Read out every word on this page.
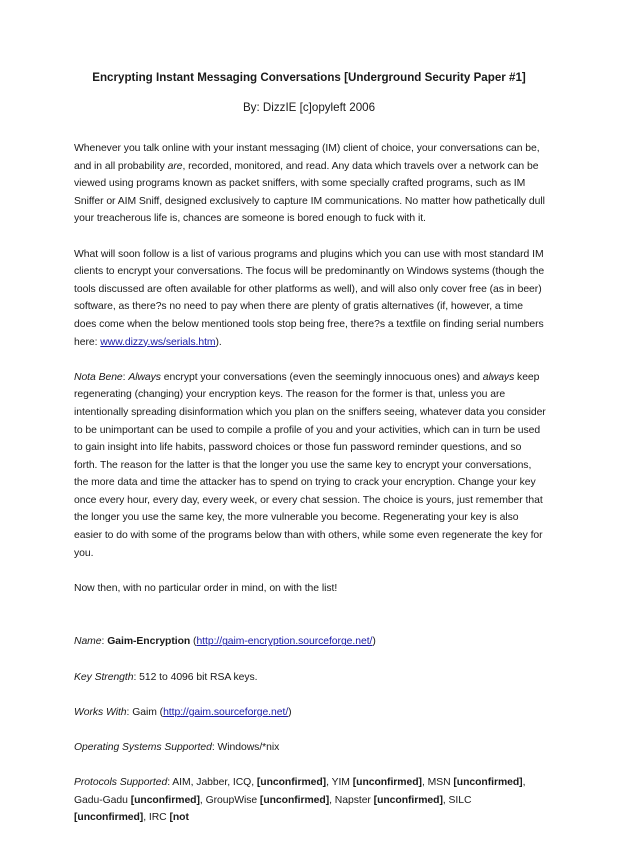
Encrypting Instant Messaging Conversations [Underground Security Paper #1]
By: DizzIE [c]opyleft 2006

Whenever you talk online with your instant messaging (IM) client of choice, your conversations can be, and in all probability are, recorded, monitored, and read. Any data which travels over a network can be viewed using programs known as packet sniffers, with some specially crafted programs, such as IM Sniffer or AIM Sniff, designed exclusively to capture IM communications. No matter how pathetically dull your treacherous life is, chances are someone is bored enough to fuck with it.

What will soon follow is a list of various programs and plugins which you can use with most standard IM clients to encrypt your conversations. The focus will be predominantly on Windows systems (though the tools discussed are often available for other platforms as well), and will also only cover free (as in beer) software, as there?s no need to pay when there are plenty of gratis alternatives (if, however, a time does come when the below mentioned tools stop being free, there?s a textfile on finding serial numbers here: www.dizzy.ws/serials.htm).

Nota Bene: Always encrypt your conversations (even the seemingly innocuous ones) and always keep regenerating (changing) your encryption keys. The reason for the former is that, unless you are intentionally spreading disinformation which you plan on the sniffers seeing, whatever data you consider to be unimportant can be used to compile a profile of you and your activities, which can in turn be used to gain insight into life habits, password choices or those fun password reminder questions, and so forth. The reason for the latter is that the longer you use the same key to encrypt your conversations, the more data and time the attacker has to spend on trying to crack your encryption. Change your key once every hour, every day, every week, or every chat session. The choice is yours, just remember that the longer you use the same key, the more vulnerable you become. Regenerating your key is also easier to do with some of the programs below than with others, while some even regenerate the key for you.

Now then, with no particular order in mind, on with the list!

Name: Gaim-Encryption (http://gaim-encryption.sourceforge.net/)

Key Strength: 512 to 4096 bit RSA keys.

Works With: Gaim (http://gaim.sourceforge.net/)

Operating Systems Supported: Windows/*nix

Protocols Supported: AIM, Jabber, ICQ, [unconfirmed], YIM [unconfirmed], MSN [unconfirmed], Gadu-Gadu [unconfirmed], GroupWise [unconfirmed], Napster [unconfirmed], SILC [unconfirmed], IRC [not
